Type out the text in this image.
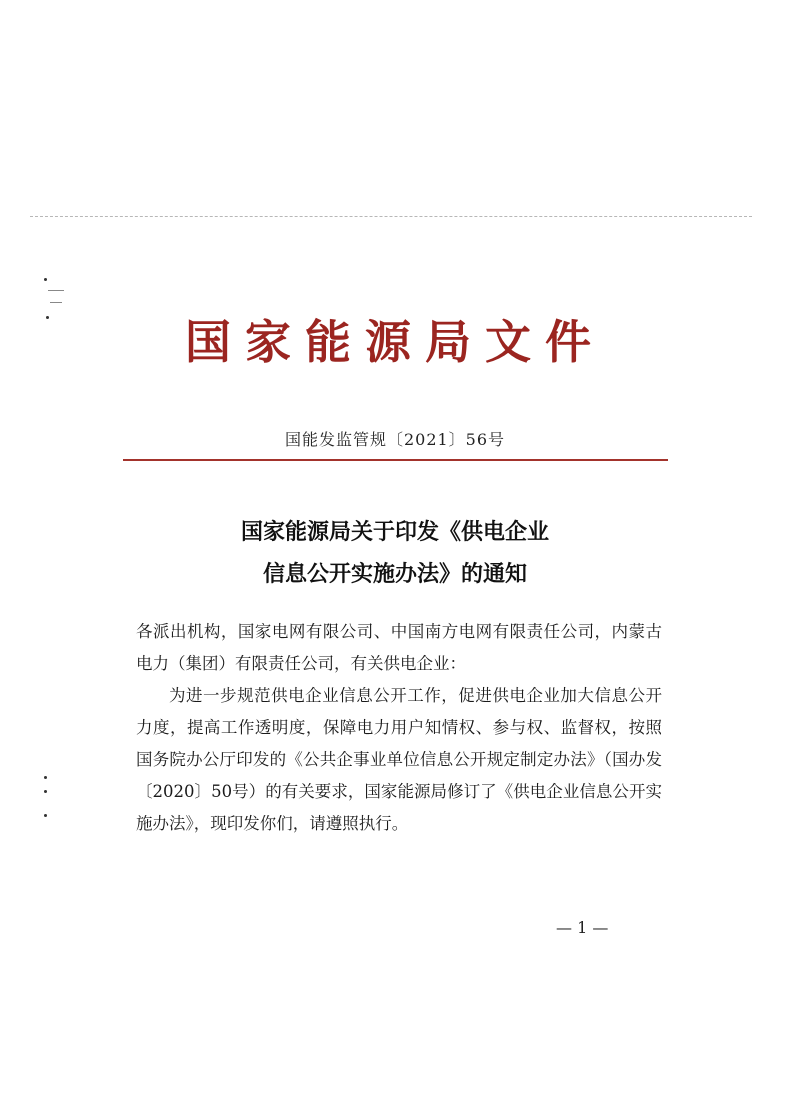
国家能源局文件
国能发监管规〔2021〕56号
国家能源局关于印发《供电企业
信息公开实施办法》的通知

各派出机构，国家电网有限公司、中国南方电网有限责任公司，内蒙古电力（集团）有限责任公司，有关供电企业：

为进一步规范供电企业信息公开工作，促进供电企业加大信息公开力度，提高工作透明度，保障电力用户知情权、参与权、监督权，按照国务院办公厅印发的《公共企事业单位信息公开规定制定办法》（国办发〔2020〕50号）的有关要求，国家能源局修订了《供电企业信息公开实施办法》，现印发你们，请遵照执行。

— 1 —
